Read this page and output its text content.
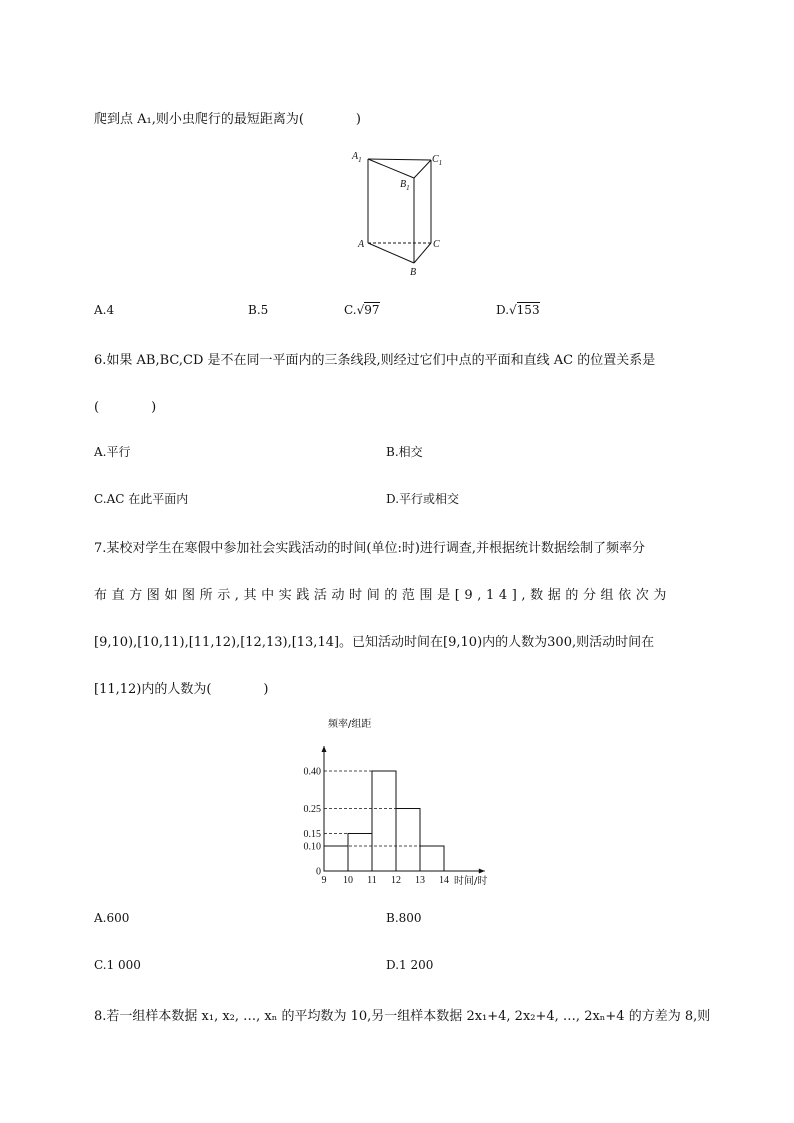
爬到点 A₁,则小虫爬行的最短距离为(　　　　)
$A_1$	$C_1$
$B_1$
A	C
B
A.4	B.5	C.√97	D.√153
6.如果 AB,BC,CD 是不在同一平面内的三条线段,则经过它们中点的平面和直线 AC 的位置关系是
(　　　　)
A.平行	B.相交
C.AC 在此平面内	D.平行或相交
7.某校对学生在寒假中参加社会实践活动的时间(单位:时)进行调查,并根据统计数据绘制了频率分
布直方图如图所示,其中实践活动时间的范围是[9,14],数据的分组依次为
[9,10),[10,11),[11,12),[12,13),[13,14]。已知活动时间在[9,10)内的人数为300,则活动时间在
[11,12)内的人数为(　　　　)
0
0.10
0.15
0.25
0.40
9 10 11 12 13 14
频率/组距
时间/时
A.600	B.800
C.1 000	D.1 200
8.若一组样本数据 x₁, x₂, …, xₙ 的平均数为 10,另一组样本数据 2x₁+4, 2x₂+4, …, 2xₙ+4 的方差为 8,则
